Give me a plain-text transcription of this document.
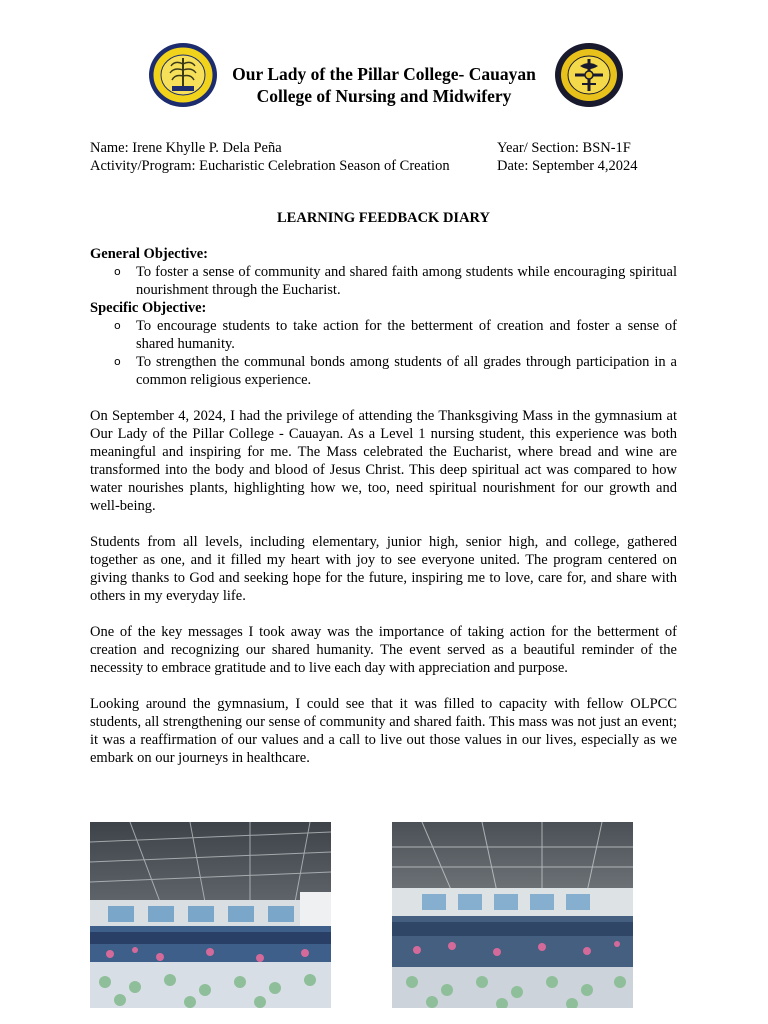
Our Lady of the Pillar College- Cauayan
College of Nursing and Midwifery
Name: Irene Khylle P. Dela Peña
Activity/Program: Eucharistic Celebration Season of Creation
Year/ Section: BSN-1F
Date: September 4,2024
LEARNING FEEDBACK DIARY
General Objective:
o To foster a sense of community and shared faith among students while encouraging spiritual nourishment through the Eucharist.
Specific Objective:
o To encourage students to take action for the betterment of creation and foster a sense of shared humanity.
o To strengthen the communal bonds among students of all grades through participation in a common religious experience.

On September 4, 2024, I had the privilege of attending the Thanksgiving Mass in the gymnasium at Our Lady of the Pillar College - Cauayan. As a Level 1 nursing student, this experience was both meaningful and inspiring for me. The Mass celebrated the Eucharist, where bread and wine are transformed into the body and blood of Jesus Christ. This deep spiritual act was compared to how water nourishes plants, highlighting how we, too, need spiritual nourishment for our growth and well-being.

Students from all levels, including elementary, junior high, senior high, and college, gathered together as one, and it filled my heart with joy to see everyone united. The program centered on giving thanks to God and seeking hope for the future, inspiring me to love, care for, and share with others in my everyday life.

One of the key messages I took away was the importance of taking action for the betterment of creation and recognizing our shared humanity. The event served as a beautiful reminder of the necessity to embrace gratitude and to live each day with appreciation and purpose.

Looking around the gymnasium, I could see that it was filled to capacity with fellow OLPCC students, all strengthening our sense of community and shared faith. This mass was not just an event; it was a reaffirmation of our values and a call to live out those values in our lives, especially as we embark on our journeys in healthcare.
